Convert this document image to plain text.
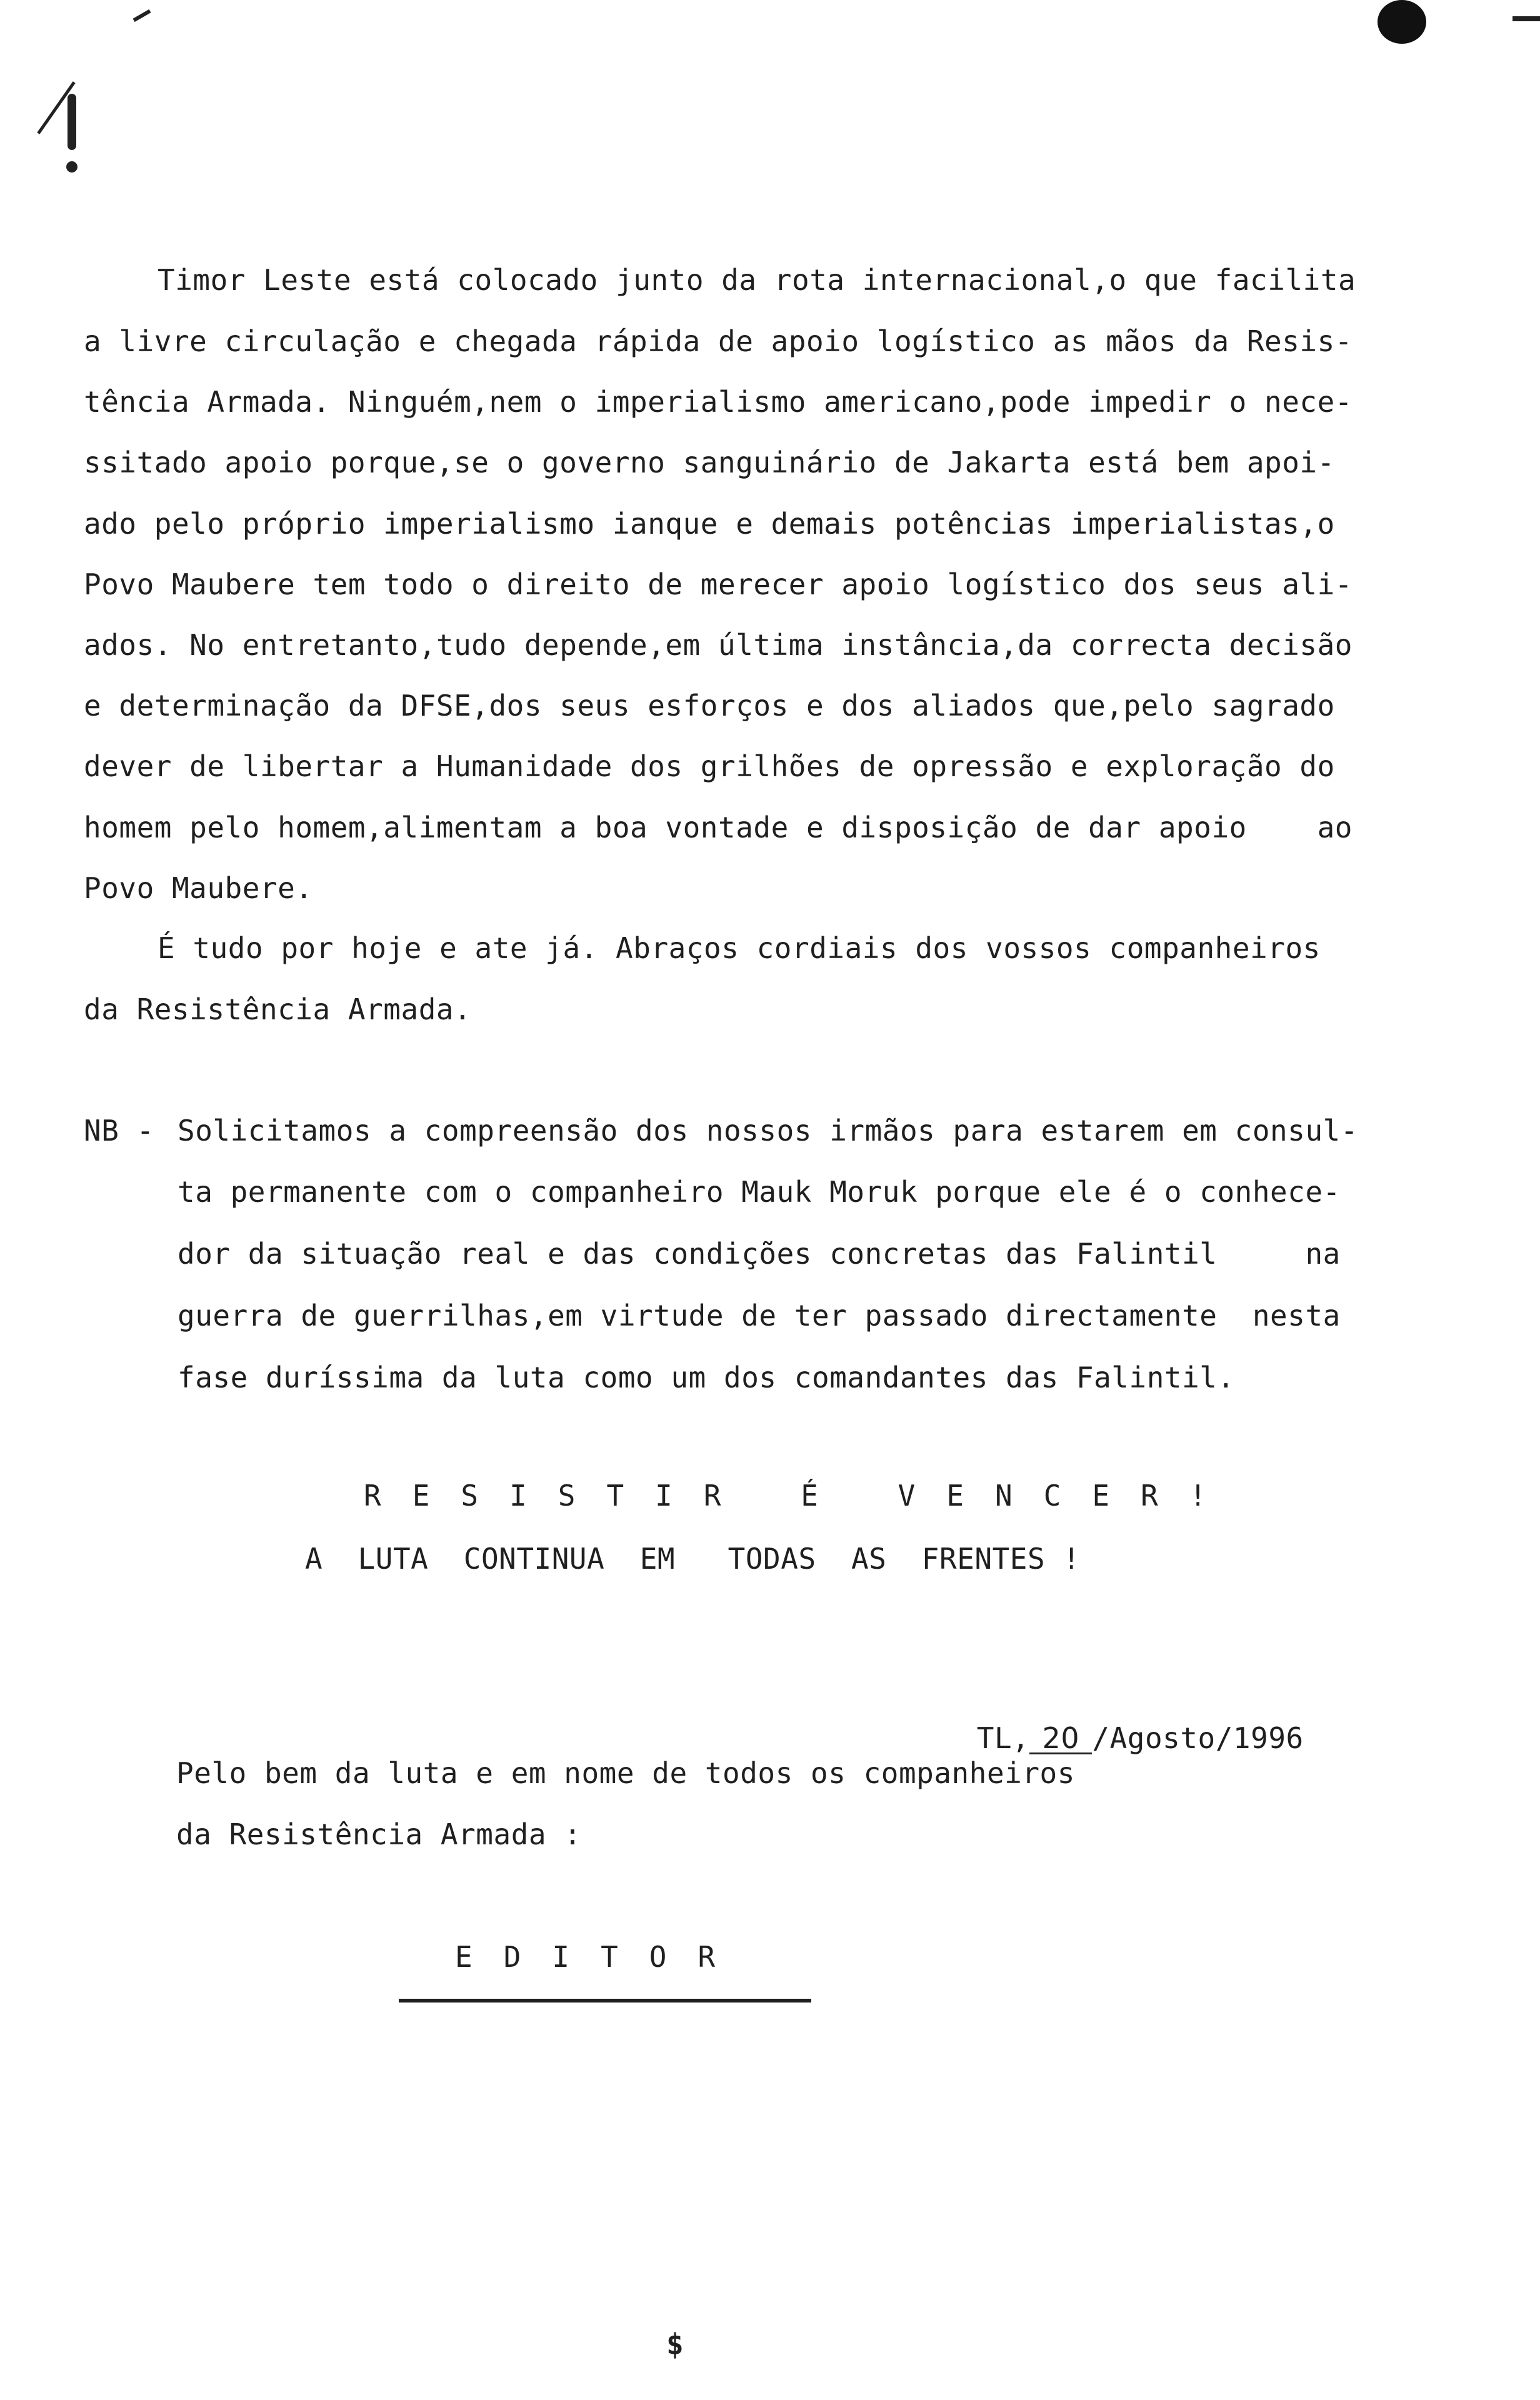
Timor Leste está colocado junto da rota internacional,o que facilita
a livre circulação e chegada rápida de apoio logístico as mãos da Resis-
tência Armada. Ninguém,nem o imperialismo americano,pode impedir o nece-
ssitado apoio porque,se o governo sanguinário de Jakarta está bem apoi-
ado pelo próprio imperialismo ianque e demais potências imperialistas,o
Povo Maubere tem todo o direito de merecer apoio logístico dos seus ali-
ados. No entretanto,tudo depende,em última instância,da correcta decisão
e determinação da DFSE,dos seus esforços e dos aliados que,pelo sagrado
dever de libertar a Humanidade dos grilhões de opressão e exploração do
homem pelo homem,alimentam a boa vontade e disposição de dar apoio    ao
Povo Maubere.
É tudo por hoje e ate já. Abraços cordiais dos vossos companheiros
da Resistência Armada.
NB - Solicitamos a compreensão dos nossos irmãos para estarem em consul-
ta permanente com o companheiro Mauk Moruk porque ele é o conhece-
dor da situação real e das condições concretas das Falintil     na
guerra de guerrilhas,em virtude de ter passado directamente  nesta
fase duríssima da luta como um dos comandantes das Falintil.
RESISTIR É VENCER!
A  LUTA  CONTINUA  EM   TODAS  AS  FRENTES !

TL, 20 /Agosto/1996

Pelo bem da luta e em nome de todos os companheiros
da Resistência Armada :
EDITOR
$
